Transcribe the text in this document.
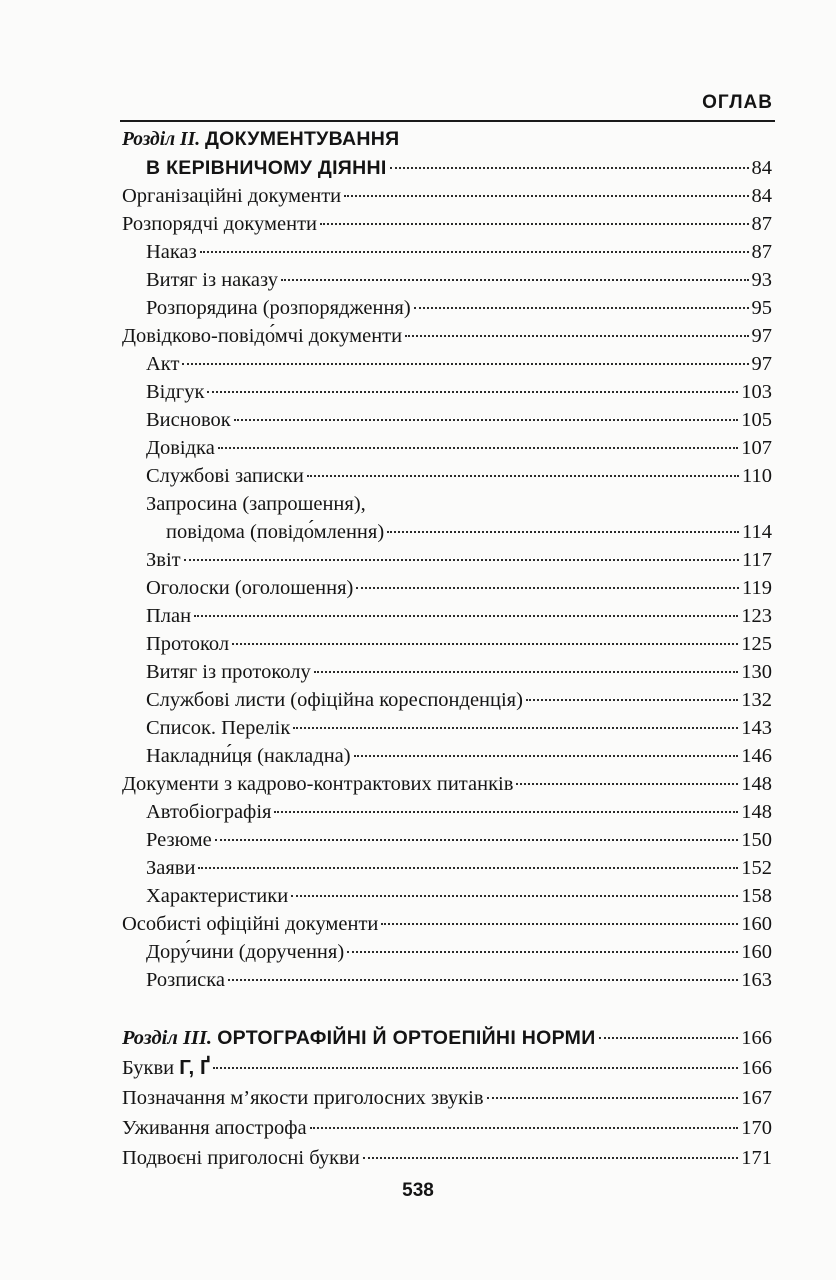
ОГЛАВ
Розділ II. ДОКУМЕНТУВАННЯ
В КЕРІВНИЧОМУ ДІЯННІ	84
Організаційні документи	84
Розпорядчі документи	87
Наказ	87
Витяг із наказу	93
Розпорядина (розпорядження)	95
Довідково-повідо́мчі документи	97
Акт	97
Відгук	103
Висновок	105
Довідка	107
Службові записки	110
Запросина (запрошення),
повідома (повідо́млення)	114
Звіт	117
Оголоски (оголошення)	119
План	123
Протокол	125
Витяг із протоколу	130
Службові листи (офіційна кореспонденція)	132
Список. Перелік	143
Накладни́ця (накладна)	146
Документи з кадрово-контрактових питанків	148
Автобіографія	148
Резюме	150
Заяви	152
Характеристики	158
Особисті офіційні документи	160
Дору́чини (доручення)	160
Розписка	163
Розділ III. ОРТОГРАФІЙНІ Й ОРТОЕПІЙНІ НОРМИ	166
Букви Г, Ґ	166
Позначання м’якости приголосних звуків	167
Уживання апострофа	170
Подвоєні приголосні букви	171
538
